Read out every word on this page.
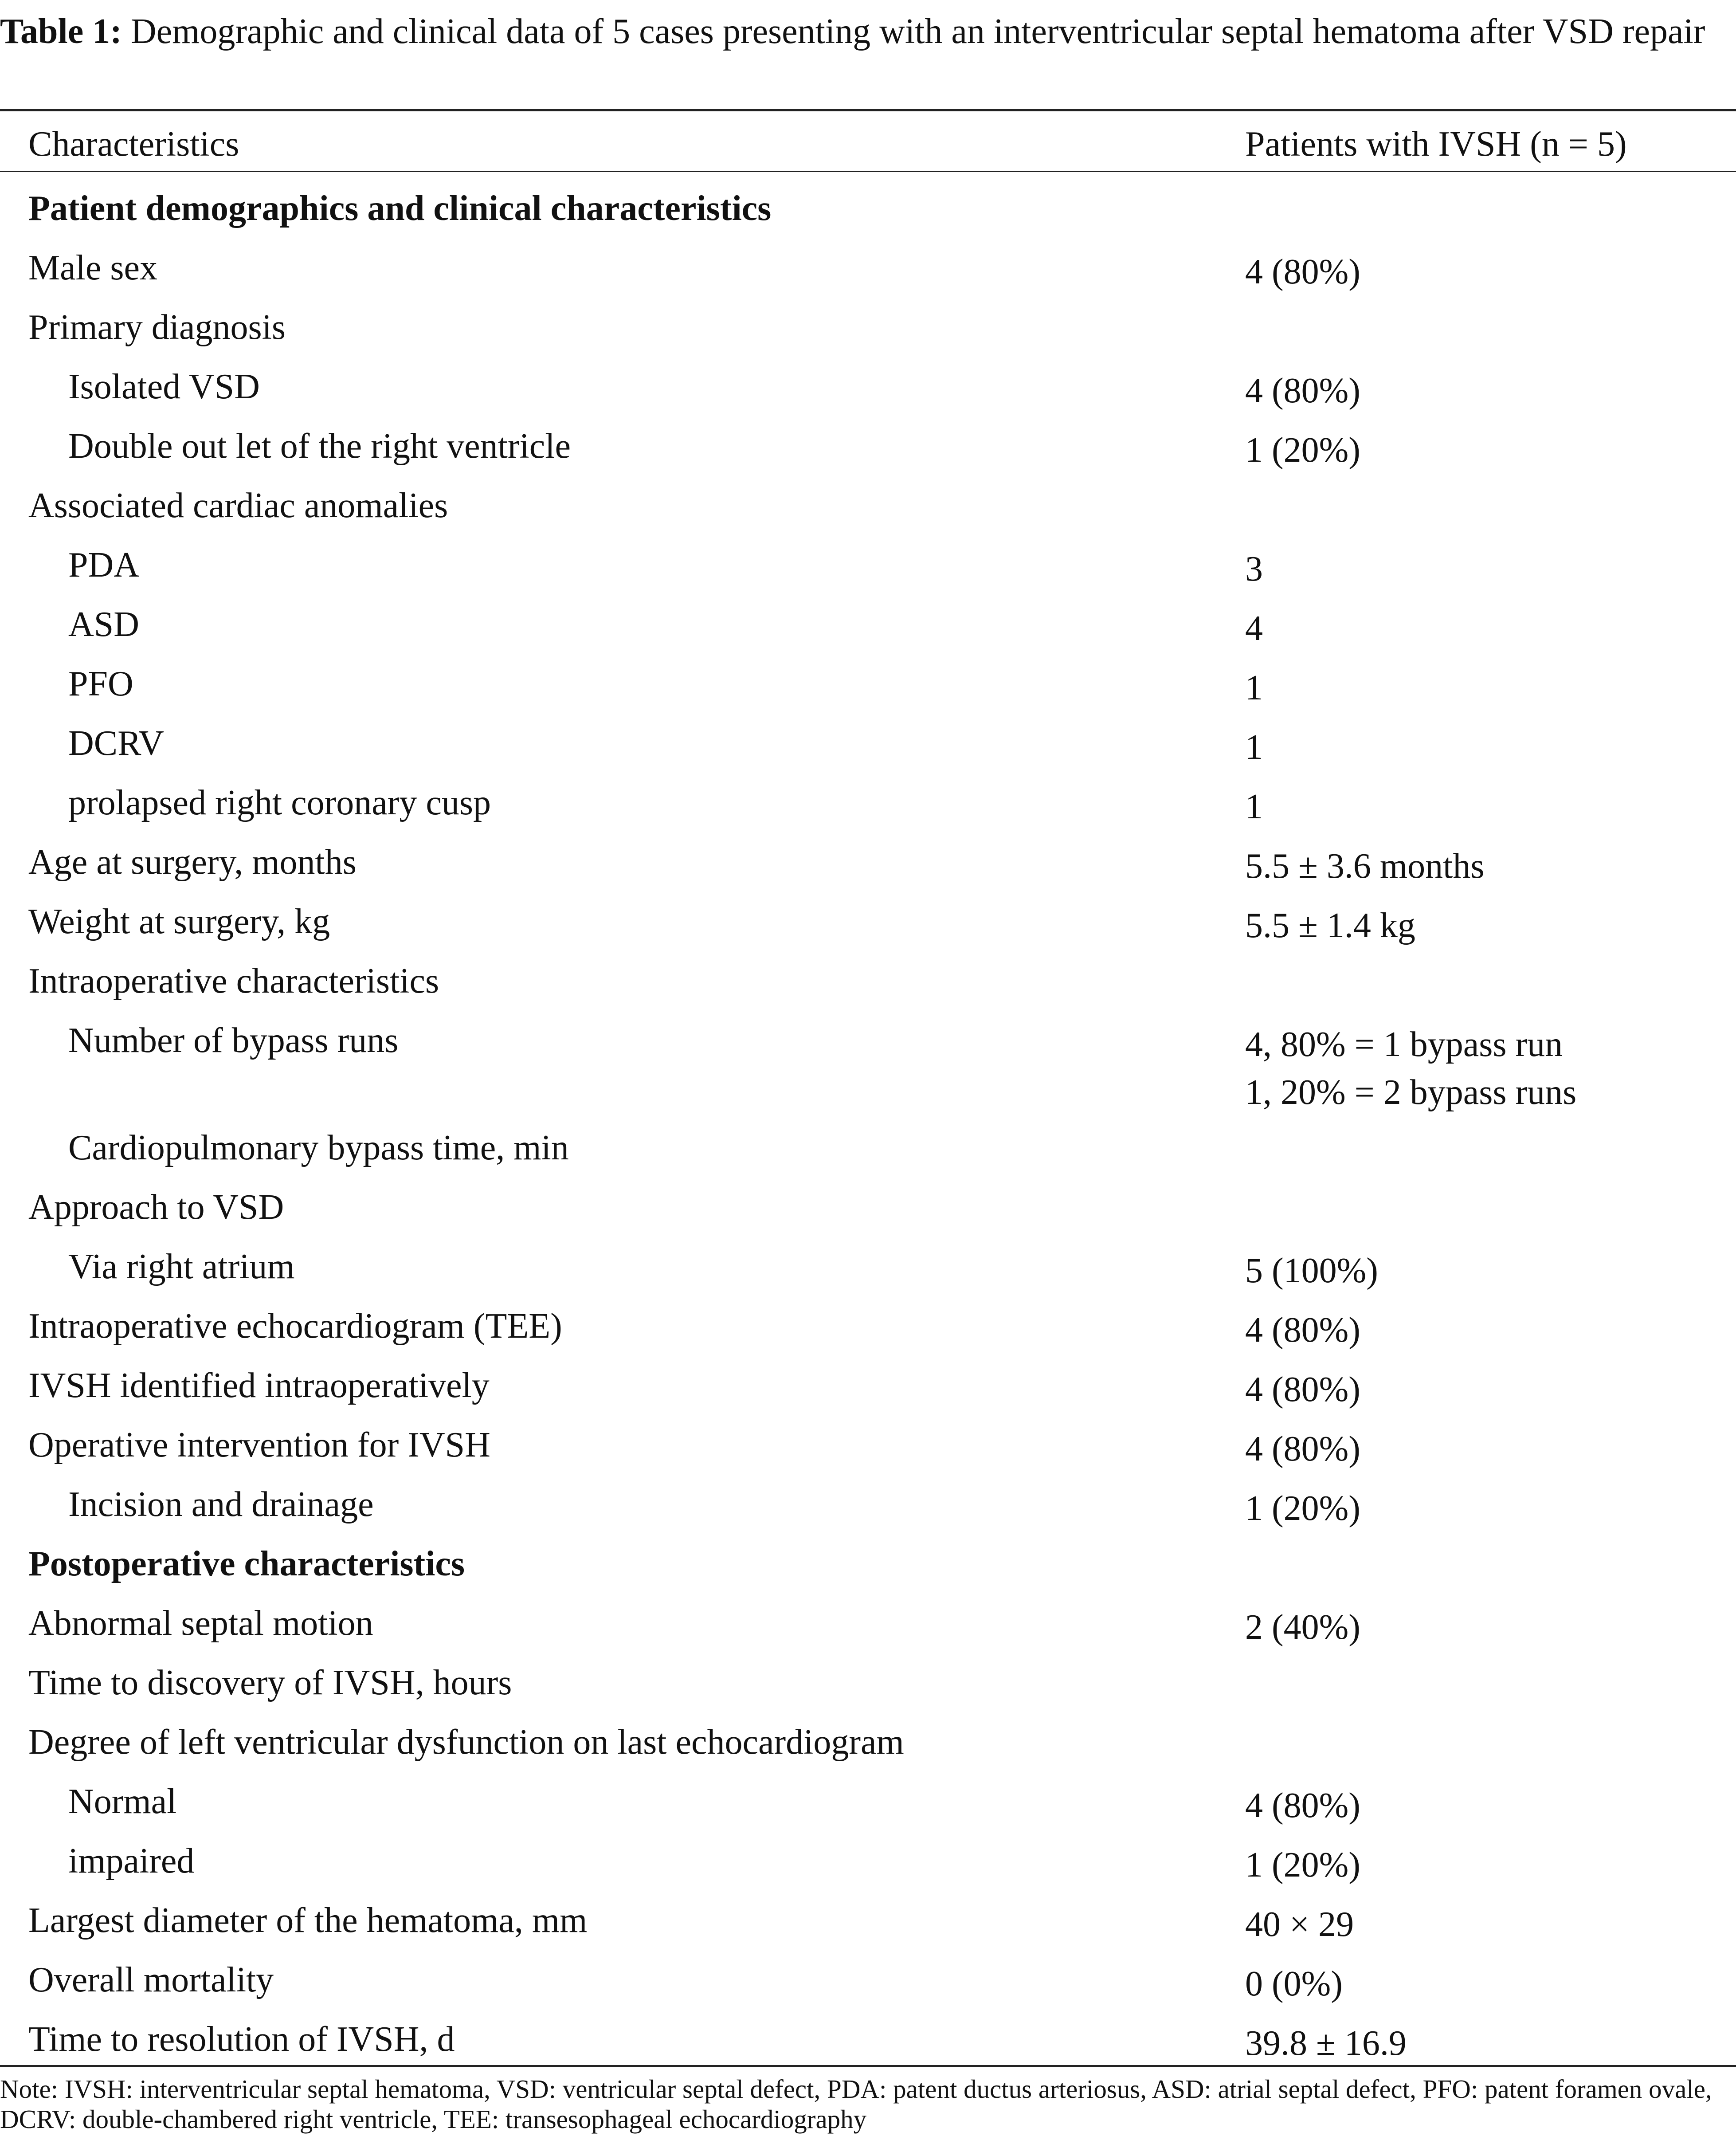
Table 1: Demographic and clinical data of 5 cases presenting with an interventricular septal hematoma after VSD repair

Characteristics	Patients with IVSH (n = 5)
Patient demographics and clinical characteristics
Male sex	4 (80%)
Primary diagnosis
Isolated VSD	4 (80%)
Double out let of the right ventricle	1 (20%)
Associated cardiac anomalies
PDA	3
ASD	4
PFO	1
DCRV	1
prolapsed right coronary cusp	1
Age at surgery, months	5.5 ± 3.6 months
Weight at surgery, kg	5.5 ± 1.4 kg
Intraoperative characteristics
Number of bypass runs	4, 80% = 1 bypass run
1, 20% = 2 bypass runs
Cardiopulmonary bypass time, min
Approach to VSD
Via right atrium	5 (100%)
Intraoperative echocardiogram (TEE)	4 (80%)
IVSH identified intraoperatively	4 (80%)
Operative intervention for IVSH	4 (80%)
Incision and drainage	1 (20%)
Postoperative characteristics
Abnormal septal motion	2 (40%)
Time to discovery of IVSH, hours
Degree of left ventricular dysfunction on last echocardiogram
Normal	4 (80%)
impaired	1 (20%)
Largest diameter of the hematoma, mm	40 × 29
Overall mortality	0 (0%)
Time to resolution of IVSH, d	39.8 ± 16.9

Note: IVSH: interventricular septal hematoma, VSD: ventricular septal defect, PDA: patent ductus arteriosus, ASD: atrial septal defect, PFO: patent foramen ovale, DCRV: double-chambered right ventricle, TEE: transesophageal echocardiography
